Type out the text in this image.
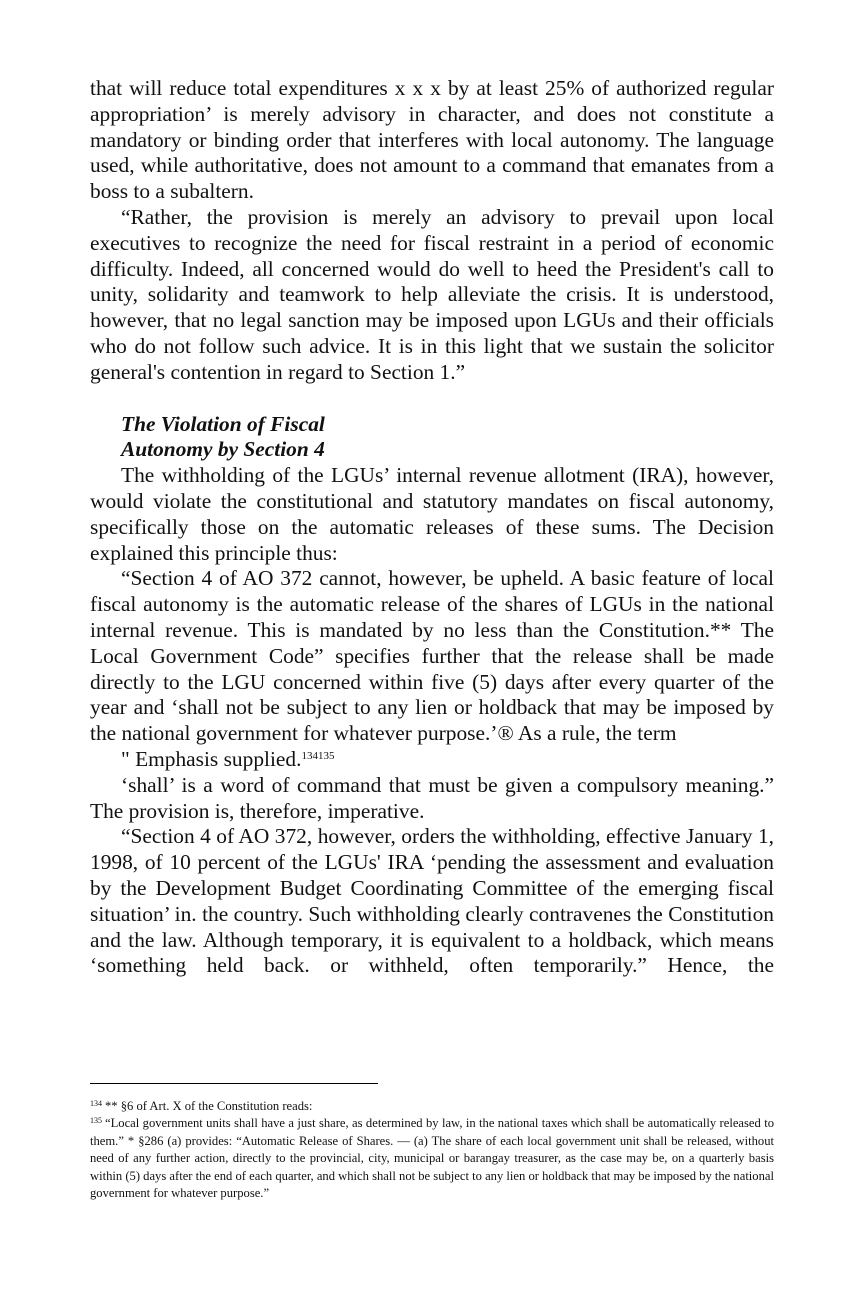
that will reduce total expenditures x x x by at least 25% of authorized regular appropriation’ is merely advisory in character, and does not constitute a mandatory or binding order that interferes with local autonomy. The language used, while authoritative, does not amount to a command that emanates from a boss to a subaltern.

“Rather, the provision is merely an advisory to prevail upon local executives to recognize the need for fiscal restraint in a period of economic difficulty. Indeed, all concerned would do well to heed the President's call to unity, solidarity and teamwork to help alleviate the crisis. It is understood, however, that no legal sanction may be imposed upon LGUs and their officials who do not follow such advice. It is in this light that we sustain the solicitor general's contention in regard to Section 1.”

The Violation of Fiscal
Autonomy by Section 4

The withholding of the LGUs’ internal revenue allotment (IRA), however, would violate the constitutional and statutory mandates on fiscal autonomy, specifically those on the automatic releases of these sums. The Decision explained this principle thus:

“Section 4 of AO 372 cannot, however, be upheld. A basic feature of local fiscal autonomy is the automatic release of the shares of LGUs in the national internal revenue. This is mandated by no less than the Constitution.** The Local Government Code” specifies further that the release shall be made directly to the LGU concerned within five (5) days after every quarter of the year and ‘shall not be subject to any lien or holdback that may be imposed by the national government for whatever purpose.’® As a rule, the term

" Emphasis supplied.$^{134135}$

‘shall’ is a word of command that must be given a compulsory meaning.” The provision is, therefore, imperative.

“Section 4 of AO 372, however, orders the withholding, effective January 1, 1998, of 10 percent of the LGUs' IRA ‘pending the assessment and evaluation by the Development Budget Coordinating Committee of the emerging fiscal situation’ in. the country. Such withholding clearly contravenes the Constitution and the law. Although temporary, it is equivalent to a holdback, which means ‘something held back. or withheld, often temporarily.” Hence, the

$^{134}$ ** §6 of Art. X of the Constitution reads:

$^{135}$ “Local government units shall have a just share, as determined by law, in the national taxes which shall be automatically released to them.” * §286 (a) provides: “Automatic Release of Shares. — (a) The share of each local government unit shall be released, without need of any further action, directly to the provincial, city, municipal or barangay treasurer, as the case may be, on a quarterly basis within (5) days after the end of each quarter, and which shall not be subject to any lien or holdback that may be imposed by the national government for whatever purpose.”
